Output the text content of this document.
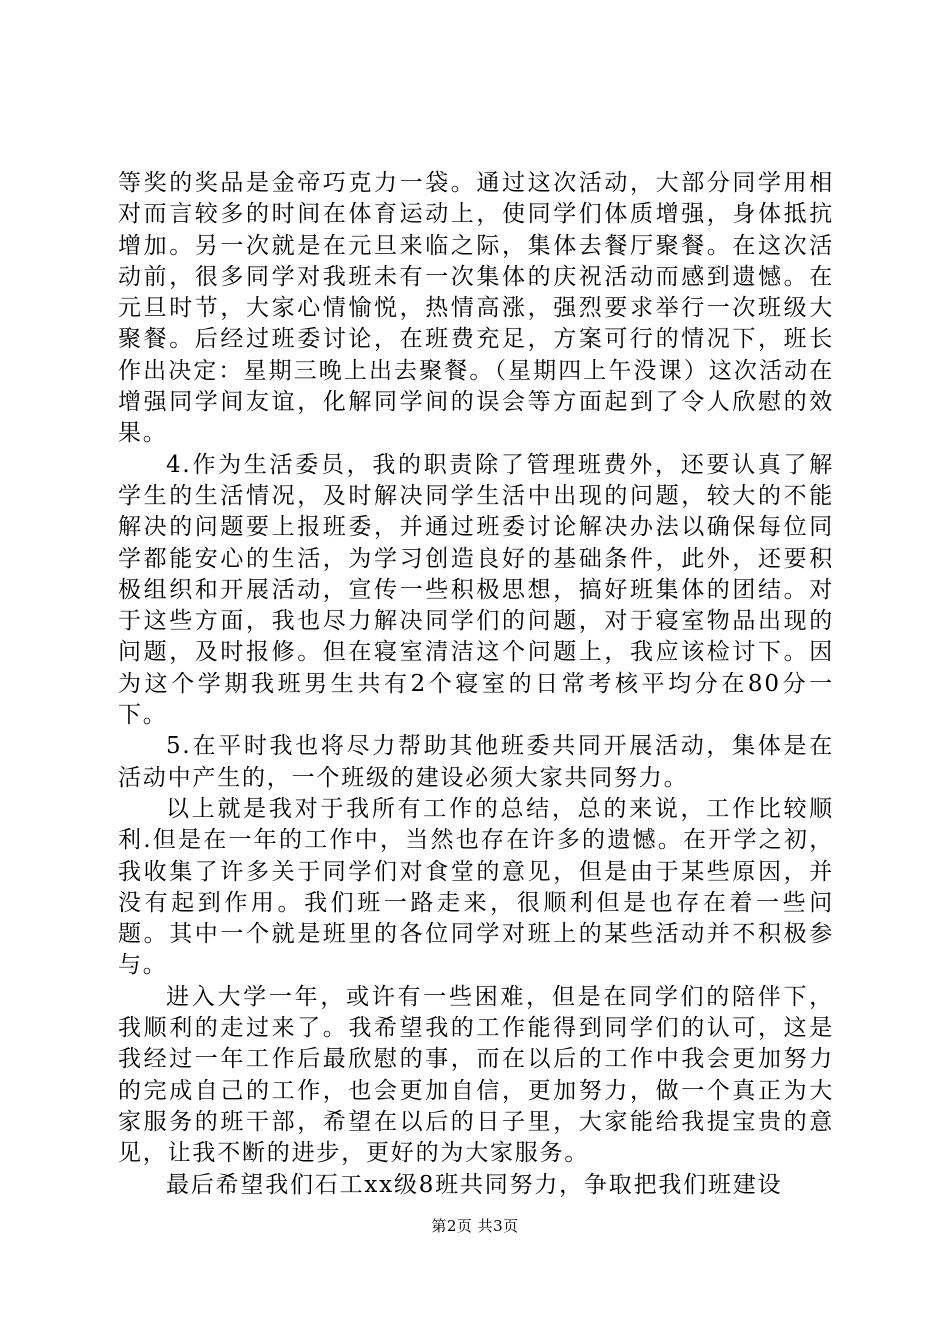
等奖的奖品是金帝巧克力一袋。通过这次活动，大部分同学用相对而言较多的时间在体育运动上，使同学们体质增强，身体抵抗增加。另一次就是在元旦来临之际，集体去餐厅聚餐。在这次活动前，很多同学对我班未有一次集体的庆祝活动而感到遗憾。在元旦时节，大家心情愉悦，热情高涨，强烈要求举行一次班级大聚餐。后经过班委讨论，在班费充足，方案可行的情况下，班长作出决定：星期三晚上出去聚餐。（星期四上午没课）这次活动在增强同学间友谊，化解同学间的误会等方面起到了令人欣慰的效果。

4.作为生活委员，我的职责除了管理班费外，还要认真了解学生的生活情况，及时解决同学生活中出现的问题，较大的不能解决的问题要上报班委，并通过班委讨论解决办法以确保每位同学都能安心的生活，为学习创造良好的基础条件，此外，还要积极组织和开展活动，宣传一些积极思想，搞好班集体的团结。对于这些方面，我也尽力解决同学们的问题，对于寝室物品出现的问题，及时报修。但在寝室清洁这个问题上，我应该检讨下。因为这个学期我班男生共有2个寝室的日常考核平均分在80分一下。

5.在平时我也将尽力帮助其他班委共同开展活动，集体是在活动中产生的，一个班级的建设必须大家共同努力。

以上就是我对于我所有工作的总结，总的来说，工作比较顺利.但是在一年的工作中，当然也存在许多的遗憾。在开学之初，我收集了许多关于同学们对食堂的意见，但是由于某些原因，并没有起到作用。我们班一路走来，很顺利但是也存在着一些问题。其中一个就是班里的各位同学对班上的某些活动并不积极参与。

进入大学一年，或许有一些困难，但是在同学们的陪伴下，我顺利的走过来了。我希望我的工作能得到同学们的认可，这是我经过一年工作后最欣慰的事，而在以后的工作中我会更加努力的完成自己的工作，也会更加自信，更加努力，做一个真正为大家服务的班干部，希望在以后的日子里，大家能给我提宝贵的意见，让我不断的进步，更好的为大家服务。

最后希望我们石工xx级8班共同努力，争取把我们班建设

第2页 共3页
